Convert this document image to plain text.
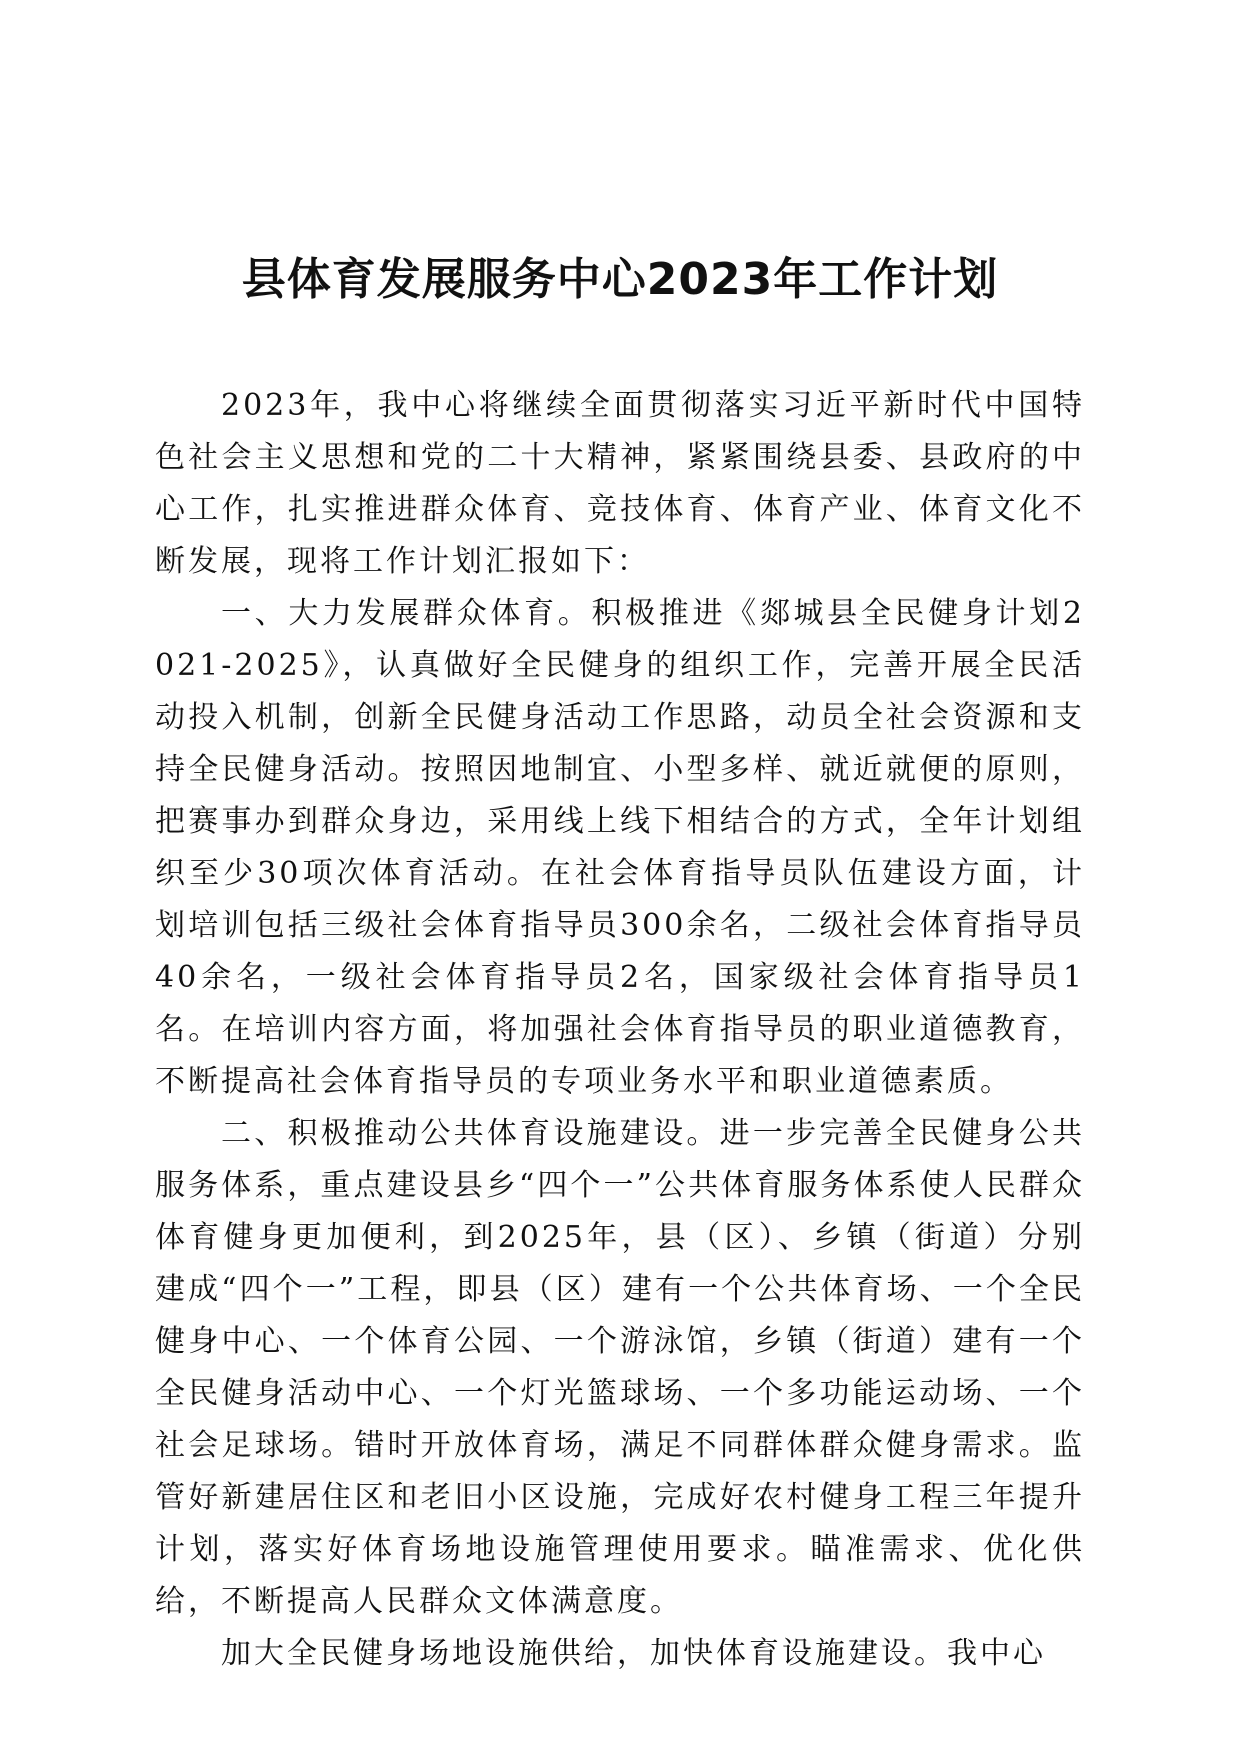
县体育发展服务中心2023年工作计划

2023年，我中心将继续全面贯彻落实习近平新时代中国特色社会主义思想和党的二十大精神，紧紧围绕县委、县政府的中心工作，扎实推进群众体育、竞技体育、体育产业、体育文化不断发展，现将工作计划汇报如下：

一、大力发展群众体育。积极推进《郯城县全民健身计划2021-2025》，认真做好全民健身的组织工作，完善开展全民活动投入机制，创新全民健身活动工作思路，动员全社会资源和支持全民健身活动。按照因地制宜、小型多样、就近就便的原则，把赛事办到群众身边，采用线上线下相结合的方式，全年计划组织至少30项次体育活动。在社会体育指导员队伍建设方面，计划培训包括三级社会体育指导员300余名，二级社会体育指导员40余名，一级社会体育指导员2名，国家级社会体育指导员1名。在培训内容方面，将加强社会体育指导员的职业道德教育，不断提高社会体育指导员的专项业务水平和职业道德素质。

二、积极推动公共体育设施建设。进一步完善全民健身公共服务体系，重点建设县乡“四个一”公共体育服务体系使人民群众体育健身更加便利，到2025年，县（区）、乡镇（街道）分别建成“四个一”工程，即县（区）建有一个公共体育场、一个全民健身中心、一个体育公园、一个游泳馆，乡镇（街道）建有一个全民健身活动中心、一个灯光篮球场、一个多功能运动场、一个社会足球场。错时开放体育场，满足不同群体群众健身需求。监管好新建居住区和老旧小区设施，完成好农村健身工程三年提升计划，落实好体育场地设施管理使用要求。瞄准需求、优化供给，不断提高人民群众文体满意度。

加大全民健身场地设施供给，加快体育设施建设。我中心
